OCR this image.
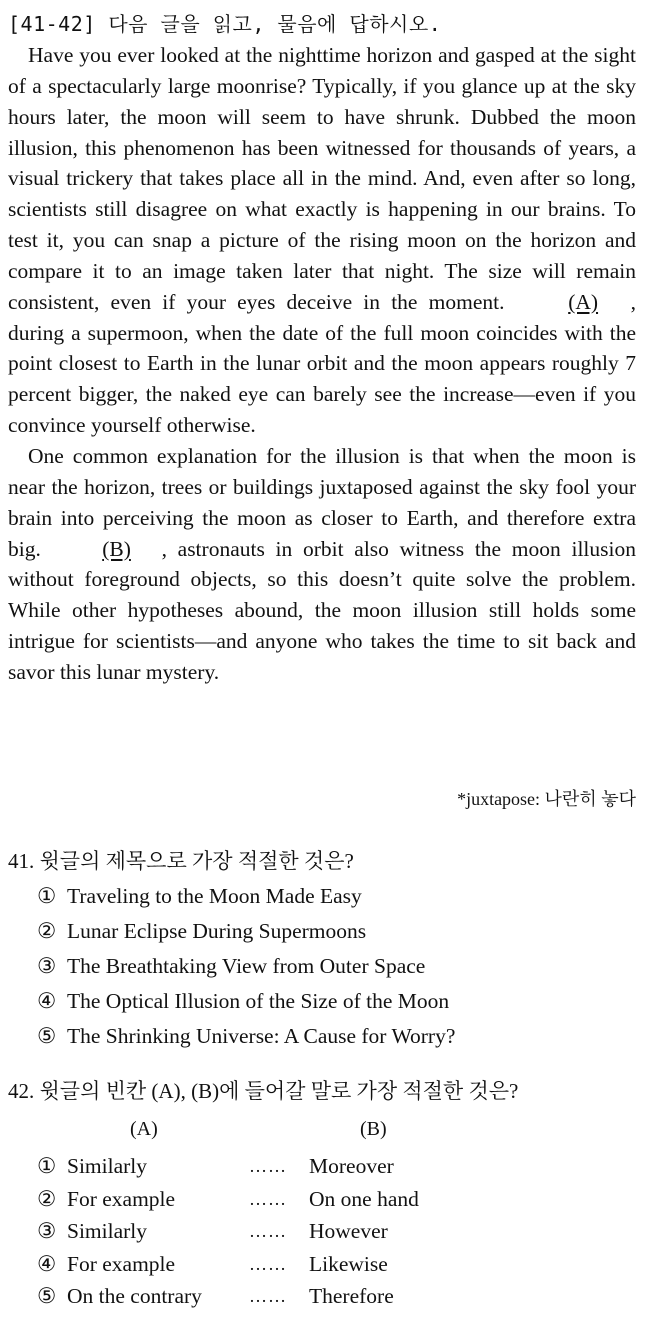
[41-42] 다음 글을 읽고, 물음에 답하시오.

Have you ever looked at the nighttime horizon and gasped at the sight of a spectacularly large moonrise? Typically, if you glance up at the sky hours later, the moon will seem to have shrunk. Dubbed the moon illusion, this phenomenon has been witnessed for thousands of years, a visual trickery that takes place all in the mind. And, even after so long, scientists still disagree on what exactly is happening in our brains. To test it, you can snap a picture of the rising moon on the horizon and compare it to an image taken later that night. The size will remain consistent, even if your eyes deceive in the moment. (A) , during a supermoon, when the date of the full moon coincides with the point closest to Earth in the lunar orbit and the moon appears roughly 7 percent bigger, the naked eye can barely see the increase—even if you convince yourself otherwise.

One common explanation for the illusion is that when the moon is near the horizon, trees or buildings juxtaposed against the sky fool your brain into perceiving the moon as closer to Earth, and therefore extra big. (B) , astronauts in orbit also witness the moon illusion without foreground objects, so this doesn’t quite solve the problem. While other hypotheses abound, the moon illusion still holds some intrigue for scientists—and anyone who takes the time to sit back and savor this lunar mystery.

*juxtapose: 나란히 놓다
41. 윗글의 제목으로 가장 적절한 것은?
① Traveling to the Moon Made Easy
② Lunar Eclipse During Supermoons
③ The Breathtaking View from Outer Space
④ The Optical Illusion of the Size of the Moon
⑤ The Shrinking Universe: A Cause for Worry?
42. 윗글의 빈칸 (A), (B)에 들어갈 말로 가장 적절한 것은?
(A)	(B)
① Similarly	…… Moreover
② For example	…… On one hand
③ Similarly	…… However
④ For example	…… Likewise
⑤ On the contrary	…… Therefore
